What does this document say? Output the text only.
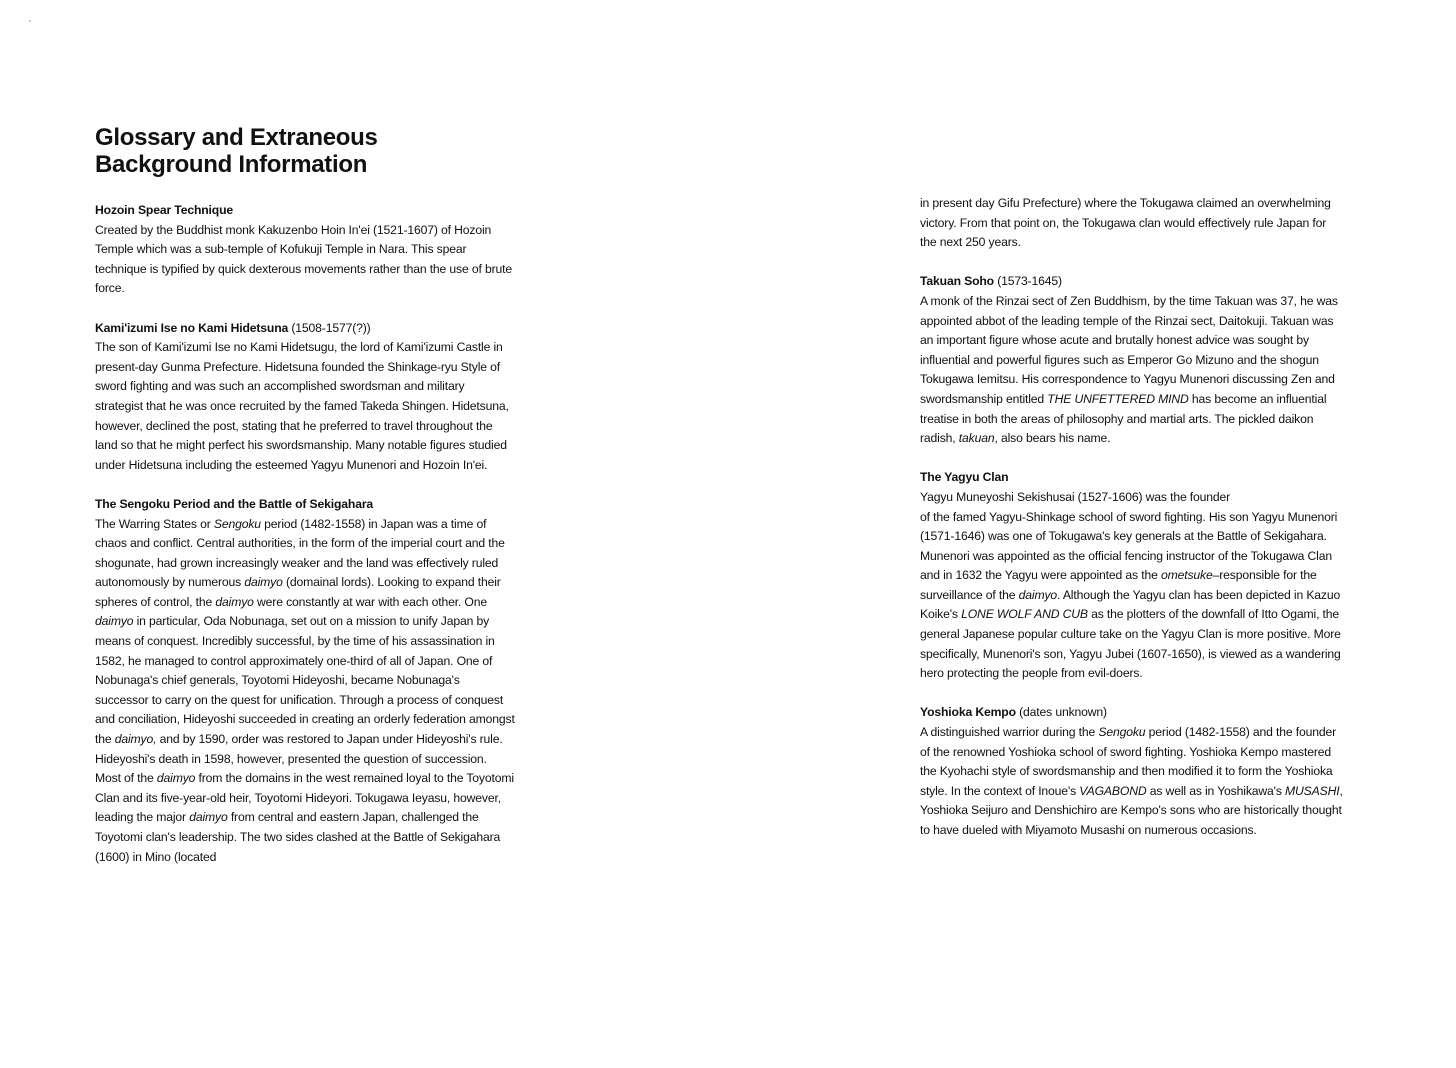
Glossary and Extraneous Background Information
Hozoin Spear Technique
Created by the Buddhist monk Kakuzenbo Hoin In'ei (1521-1607) of Hozoin Temple which was a sub-temple of Kofukuji Temple in Nara. This spear technique is typified by quick dexterous movements rather than the use of brute force.
Kami'izumi Ise no Kami Hidetsuna (1508-1577(?))
The son of Kami'izumi Ise no Kami Hidetsugu, the lord of Kami'izumi Castle in present-day Gunma Prefecture. Hidetsuna founded the Shinkage-ryu Style of sword fighting and was such an accomplished swordsman and military strategist that he was once recruited by the famed Takeda Shingen. Hidetsuna, however, declined the post, stating that he preferred to travel throughout the land so that he might perfect his swordsmanship. Many notable figures studied under Hidetsuna including the esteemed Yagyu Munenori and Hozoin In'ei.
The Sengoku Period and the Battle of Sekigahara
The Warring States or Sengoku period (1482-1558) in Japan was a time of chaos and conflict. Central authorities, in the form of the imperial court and the shogunate, had grown increasingly weaker and the land was effectively ruled autonomously by numerous daimyo (domainal lords). Looking to expand their spheres of control, the daimyo were constantly at war with each other. One daimyo in particular, Oda Nobunaga, set out on a mission to unify Japan by means of conquest. Incredibly successful, by the time of his assassination in 1582, he managed to control approximately one-third of all of Japan. One of Nobunaga's chief generals, Toyotomi Hideyoshi, became Nobunaga's successor to carry on the quest for unification. Through a process of conquest and conciliation, Hideyoshi succeeded in creating an orderly federation amongst the daimyo, and by 1590, order was restored to Japan under Hideyoshi's rule. Hideyoshi's death in 1598, however, presented the question of succession. Most of the daimyo from the domains in the west remained loyal to the Toyotomi Clan and its five-year-old heir, Toyotomi Hideyori. Tokugawa Ieyasu, however, leading the major daimyo from central and eastern Japan, challenged the Toyotomi clan's leadership. The two sides clashed at the Battle of Sekigahara (1600) in Mino (located
in present day Gifu Prefecture) where the Tokugawa claimed an overwhelming victory. From that point on, the Tokugawa clan would effectively rule Japan for the next 250 years.
Takuan Soho (1573-1645)
A monk of the Rinzai sect of Zen Buddhism, by the time Takuan was 37, he was appointed abbot of the leading temple of the Rinzai sect, Daitokuji. Takuan was an important figure whose acute and brutally honest advice was sought by influential and powerful figures such as Emperor Go Mizuno and the shogun Tokugawa Iemitsu. His correspondence to Yagyu Munenori discussing Zen and swordsmanship entitled THE UNFETTERED MIND has become an influential treatise in both the areas of philosophy and martial arts. The pickled daikon radish, takuan, also bears his name.
The Yagyu Clan
Yagyu Muneyoshi Sekishusai (1527-1606) was the founder
of the famed Yagyu-Shinkage school of sword fighting. His son Yagyu Munenori (1571-1646) was one of Tokugawa's key generals at the Battle of Sekigahara. Munenori was appointed as the official fencing instructor of the Tokugawa Clan and in 1632 the Yagyu were appointed as the ometsuke–responsible for the surveillance of the daimyo. Although the Yagyu clan has been depicted in Kazuo Koike's LONE WOLF AND CUB as the plotters of the downfall of Itto Ogami, the general Japanese popular culture take on the Yagyu Clan is more positive. More specifically, Munenori's son, Yagyu Jubei (1607-1650), is viewed as a wandering hero protecting the people from evil-doers.
Yoshioka Kempo (dates unknown)
A distinguished warrior during the Sengoku period (1482-1558) and the founder of the renowned Yoshioka school of sword fighting. Yoshioka Kempo mastered the Kyohachi style of swordsmanship and then modified it to form the Yoshioka style. In the context of Inoue's VAGABOND as well as in Yoshikawa's MUSASHI, Yoshioka Seijuro and Denshichiro are Kempo's sons who are historically thought to have dueled with Miyamoto Musashi on numerous occasions.
